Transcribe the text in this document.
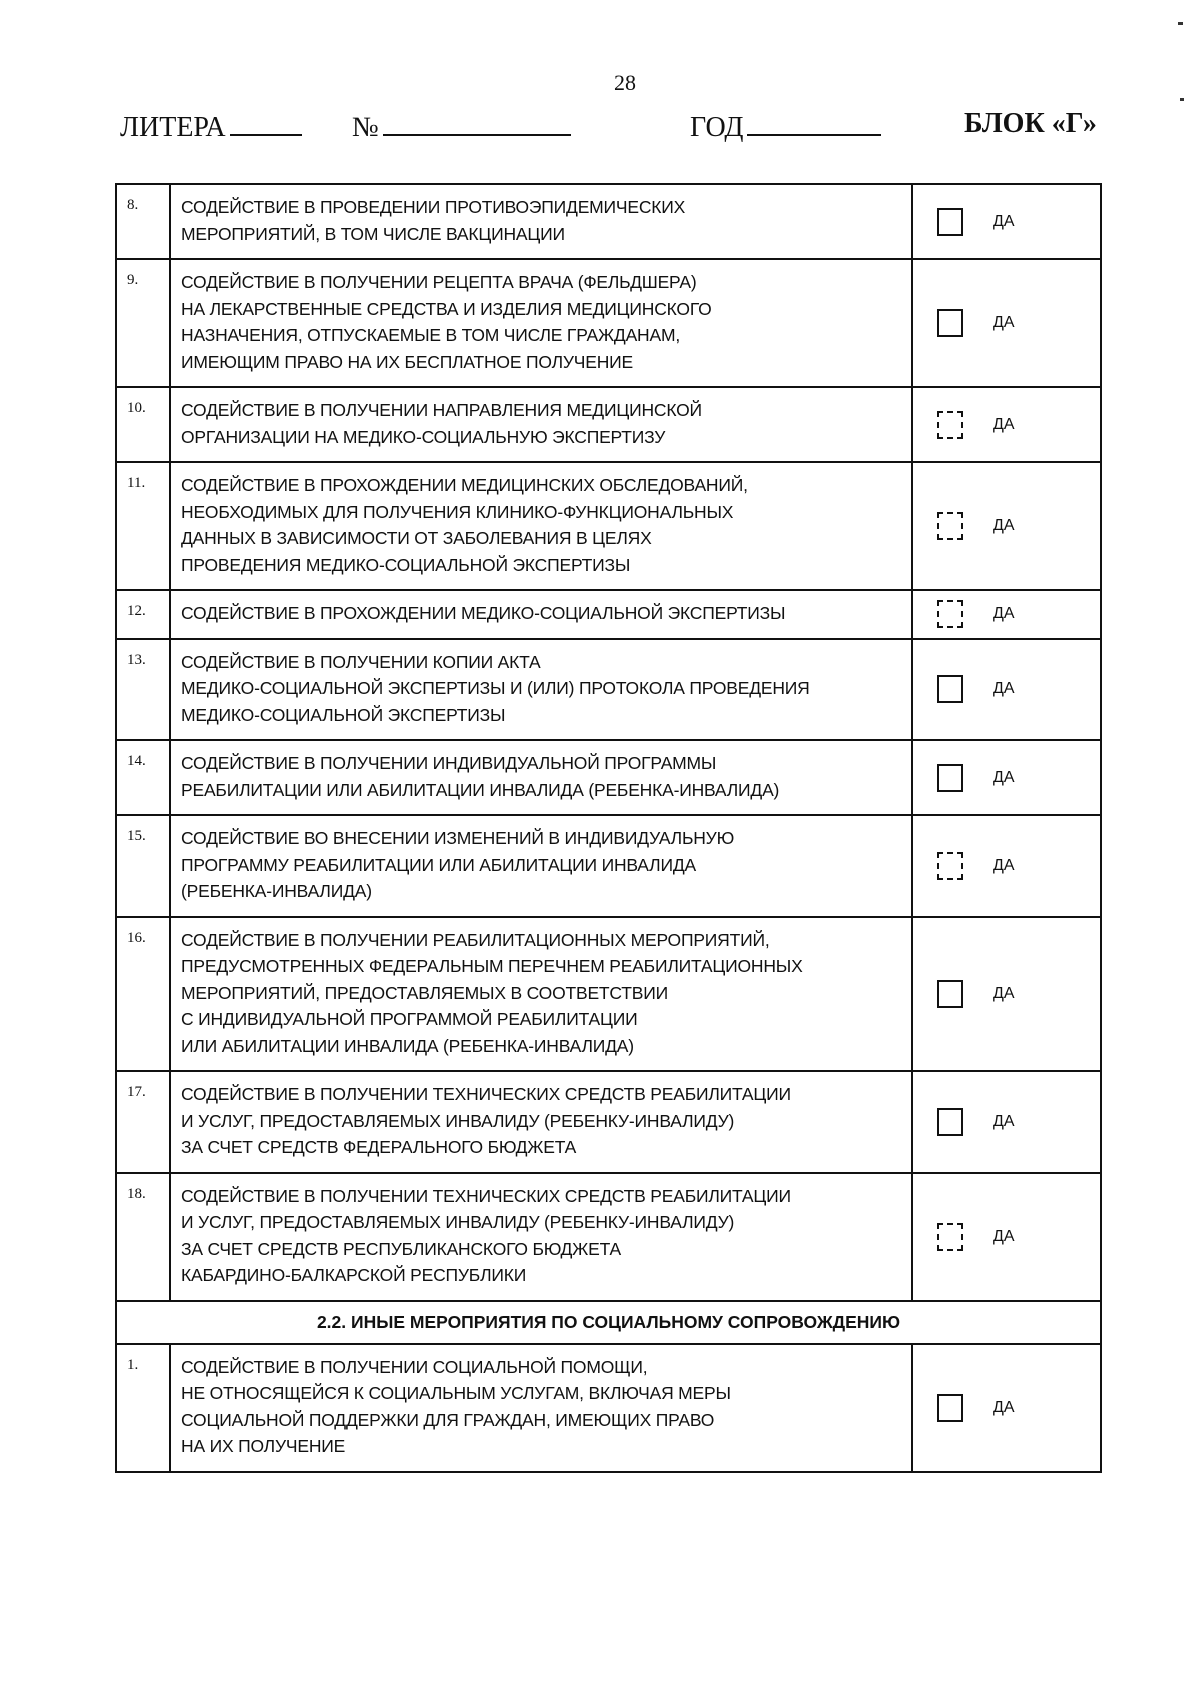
28
ЛИТЕРА	№	ГОД	БЛОК «Г»
8.	СОДЕЙСТВИЕ В ПРОВЕДЕНИИ ПРОТИВОЭПИДЕМИЧЕСКИХ
МЕРОПРИЯТИЙ, В ТОМ ЧИСЛЕ ВАКЦИНАЦИИ	ДА

9.	СОДЕЙСТВИЕ В ПОЛУЧЕНИИ РЕЦЕПТА ВРАЧА (ФЕЛЬДШЕРА)
НА ЛЕКАРСТВЕННЫЕ СРЕДСТВА И ИЗДЕЛИЯ МЕДИЦИНСКОГО
НАЗНАЧЕНИЯ, ОТПУСКАЕМЫЕ В ТОМ ЧИСЛЕ ГРАЖДАНАМ,
ИМЕЮЩИМ ПРАВО НА ИХ БЕСПЛАТНОЕ ПОЛУЧЕНИЕ	ДА

10.	СОДЕЙСТВИЕ В ПОЛУЧЕНИИ НАПРАВЛЕНИЯ МЕДИЦИНСКОЙ
ОРГАНИЗАЦИИ НА МЕДИКО-СОЦИАЛЬНУЮ ЭКСПЕРТИЗУ	ДА

11.	СОДЕЙСТВИЕ В ПРОХОЖДЕНИИ МЕДИЦИНСКИХ ОБСЛЕДОВАНИЙ,
НЕОБХОДИМЫХ ДЛЯ ПОЛУЧЕНИЯ КЛИНИКО-ФУНКЦИОНАЛЬНЫХ
ДАННЫХ В ЗАВИСИМОСТИ ОТ ЗАБОЛЕВАНИЯ В ЦЕЛЯХ
ПРОВЕДЕНИЯ МЕДИКО-СОЦИАЛЬНОЙ ЭКСПЕРТИЗЫ	ДА

12.	СОДЕЙСТВИЕ В ПРОХОЖДЕНИИ МЕДИКО-СОЦИАЛЬНОЙ ЭКСПЕРТИЗЫ	ДА

13.	СОДЕЙСТВИЕ В ПОЛУЧЕНИИ КОПИИ АКТА
МЕДИКО-СОЦИАЛЬНОЙ ЭКСПЕРТИЗЫ И (ИЛИ) ПРОТОКОЛА ПРОВЕДЕНИЯ
МЕДИКО-СОЦИАЛЬНОЙ ЭКСПЕРТИЗЫ	ДА

14.	СОДЕЙСТВИЕ В ПОЛУЧЕНИИ ИНДИВИДУАЛЬНОЙ ПРОГРАММЫ
РЕАБИЛИТАЦИИ ИЛИ АБИЛИТАЦИИ ИНВАЛИДА (РЕБЕНКА-ИНВАЛИДА)	ДА

15.	СОДЕЙСТВИЕ ВО ВНЕСЕНИИ ИЗМЕНЕНИЙ В ИНДИВИДУАЛЬНУЮ
ПРОГРАММУ РЕАБИЛИТАЦИИ ИЛИ АБИЛИТАЦИИ ИНВАЛИДА
(РЕБЕНКА-ИНВАЛИДА)	ДА

16.	СОДЕЙСТВИЕ В ПОЛУЧЕНИИ РЕАБИЛИТАЦИОННЫХ МЕРОПРИЯТИЙ,
ПРЕДУСМОТРЕННЫХ ФЕДЕРАЛЬНЫМ ПЕРЕЧНЕМ РЕАБИЛИТАЦИОННЫХ
МЕРОПРИЯТИЙ, ПРЕДОСТАВЛЯЕМЫХ В СООТВЕТСТВИИ
С ИНДИВИДУАЛЬНОЙ ПРОГРАММОЙ РЕАБИЛИТАЦИИ
ИЛИ АБИЛИТАЦИИ ИНВАЛИДА (РЕБЕНКА-ИНВАЛИДА)	ДА

17.	СОДЕЙСТВИЕ В ПОЛУЧЕНИИ ТЕХНИЧЕСКИХ СРЕДСТВ РЕАБИЛИТАЦИИ
И УСЛУГ, ПРЕДОСТАВЛЯЕМЫХ ИНВАЛИДУ (РЕБЕНКУ-ИНВАЛИДУ)
ЗА СЧЕТ СРЕДСТВ ФЕДЕРАЛЬНОГО БЮДЖЕТА	ДА

18.	СОДЕЙСТВИЕ В ПОЛУЧЕНИИ ТЕХНИЧЕСКИХ СРЕДСТВ РЕАБИЛИТАЦИИ
И УСЛУГ, ПРЕДОСТАВЛЯЕМЫХ ИНВАЛИДУ (РЕБЕНКУ-ИНВАЛИДУ)
ЗА СЧЕТ СРЕДСТВ РЕСПУБЛИКАНСКОГО БЮДЖЕТА
КАБАРДИНО-БАЛКАРСКОЙ РЕСПУБЛИКИ	ДА

2.2. ИНЫЕ МЕРОПРИЯТИЯ ПО СОЦИАЛЬНОМУ СОПРОВОЖДЕНИЮ		
1.	СОДЕЙСТВИЕ В ПОЛУЧЕНИИ СОЦИАЛЬНОЙ ПОМОЩИ,
НЕ ОТНОСЯЩЕЙСЯ К СОЦИАЛЬНЫМ УСЛУГАМ, ВКЛЮЧАЯ МЕРЫ
СОЦИАЛЬНОЙ ПОДДЕРЖКИ ДЛЯ ГРАЖДАН, ИМЕЮЩИХ ПРАВО
НА ИХ ПОЛУЧЕНИЕ	ДА
